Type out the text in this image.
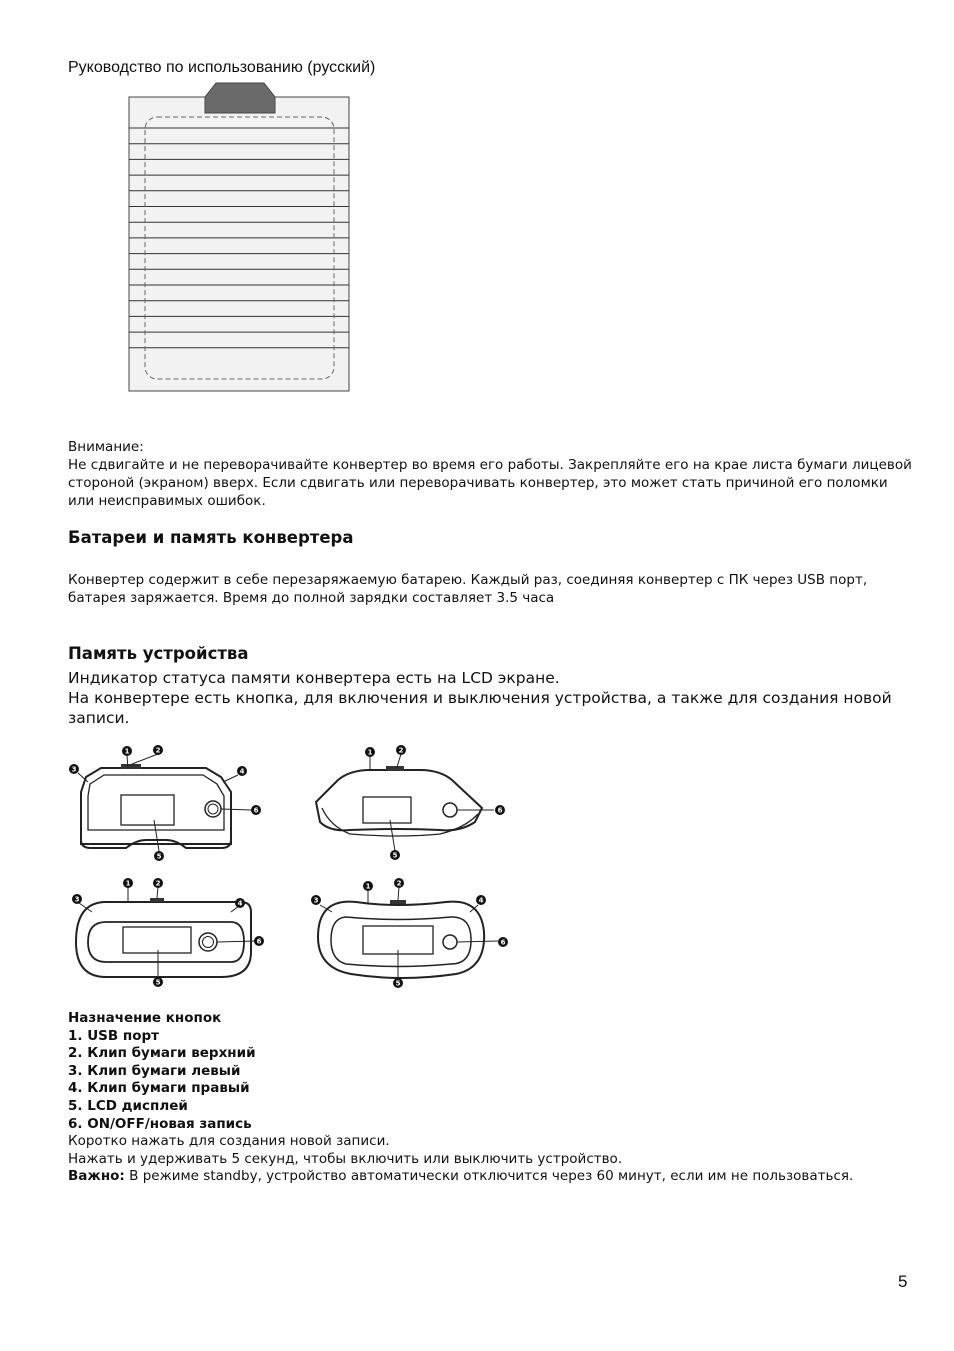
Руководство по использованию (русский)

Внимание:

Не сдвигайте и не переворачивайте конвертер во время его работы. Закрепляйте его на крае листа бумаги лицевой стороной (экраном) вверх. Если сдвигать или переворачивать конвертер, это может стать причиной его поломки или неисправимых ошибок.

Батареи и память конвертера

Конвертер содержит в себе перезаряжаемую батарею. Каждый раз, соединяя конвертер с ПК через USB порт, батарея заряжается. Время до полной зарядки составляет 3.5 часа

Память устройства

Индикатор статуса памяти конвертера есть на LCD экране.

На конвертере есть кнопка, для включения и выключения устройства, а также для создания новой записи.

1	2
3	4
5
6
1	2
5
6
1	2
3	4
5
6
1	2
3	4
5
6
Назначение кнопок
1. USB порт
2. Клип бумаги верхний
3. Клип бумаги левый
4. Клип бумаги правый
5. LCD дисплей
6. ON/OFF/новая запись
Коротко нажать для создания новой записи.
Нажать и удерживать 5 секунд, чтобы включить или выключить устройство.
Важно: В режиме standby, устройство автоматически отключится через 60 минут, если им не пользоваться.
5
